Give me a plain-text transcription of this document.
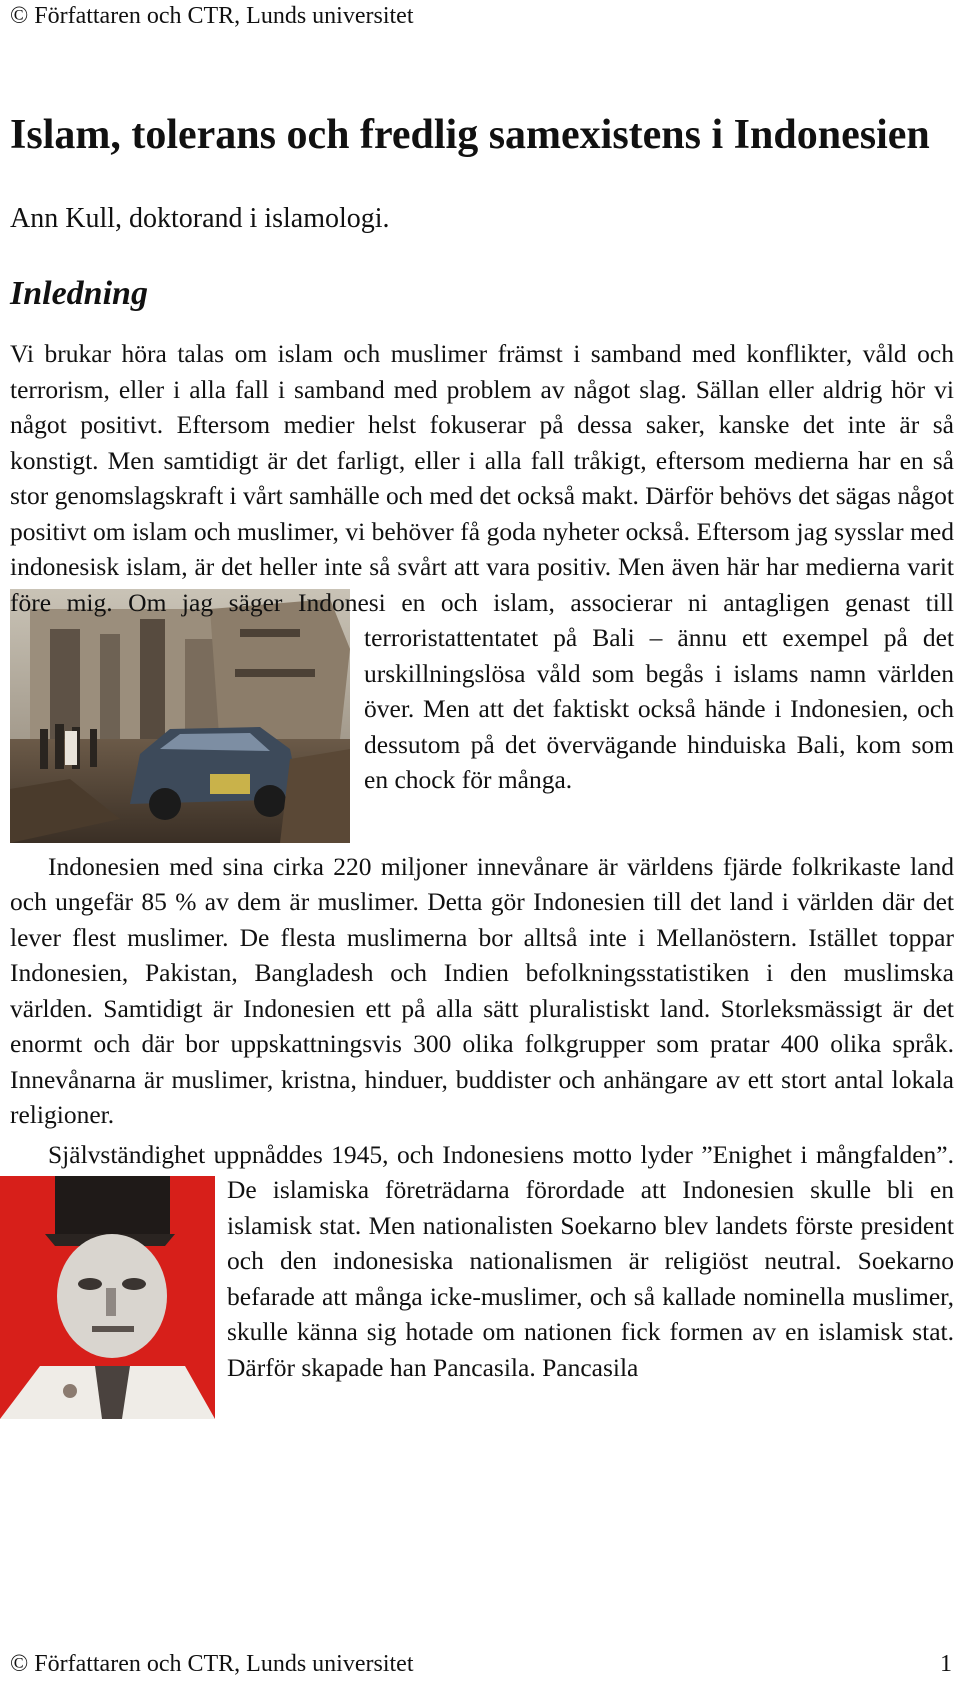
© Författaren och CTR, Lunds universitet
Islam, tolerans och fredlig samexistens i Indonesien

Ann Kull, doktorand i islamologi.

Inledning
Vi brukar höra talas om islam och muslimer främst i samband med konflikter, våld och terrorism, eller i alla fall i samband med problem av något slag. Sällan eller aldrig hör vi något positivt. Eftersom medier helst fokuserar på dessa saker, kanske det inte är så konstigt. Men samtidigt är det farligt, eller i alla fall tråkigt, eftersom medierna har en så stor genomslagskraft i vårt samhälle och med det också makt. Därför behövs det sägas något positivt om islam och muslimer, vi behöver få goda nyheter också. Eftersom jag sysslar med indonesisk islam, är det heller inte så svårt att vara positiv. Men även här har medierna varit före mig. Om jag säger Indonesi en och islam, associerar ni antagligen genast till terroristattentatet på Bali – ännu ett exempel på det urskillningslösa våld som begås i islams namn världen över. Men att det faktiskt också hände i Indonesien, och dessutom på det övervägande hinduiska Bali, kom som en chock för många.

Indonesien med sina cirka 220 miljoner innevånare är världens fjärde folkrikaste land och ungefär 85 % av dem är muslimer. Detta gör Indonesien till det land i världen där det lever flest muslimer. De flesta muslimerna bor alltså inte i Mellanöstern. Istället toppar Indonesien, Pakistan, Bangladesh och Indien befolkningsstatistiken i den muslimska världen. Samtidigt är Indonesien ett på alla sätt pluralistiskt land. Storleksmässigt är det enormt och där bor uppskattningsvis 300 olika folkgrupper som pratar 400 olika språk. Innevånarna är muslimer, kristna, hinduer, buddister och anhängare av ett stort antal lokala religioner.

Självständighet uppnåddes 1945, och Indonesiens motto lyder ”Enighet i mångfalden”. De islamiska företrädarna förordade att Indonesien skulle bli en islamisk stat. Men nationalisten Soekarno blev landets förste president och den indonesiska nationalismen är religiöst neutral. Soekarno befarade att många icke-muslimer, och så kallade nominella muslimer, skulle känna sig hotade om nationen fick formen av en islamisk stat. Därför skapade han Pancasila. Pancasila
© Författaren och CTR, Lunds universitet	1
